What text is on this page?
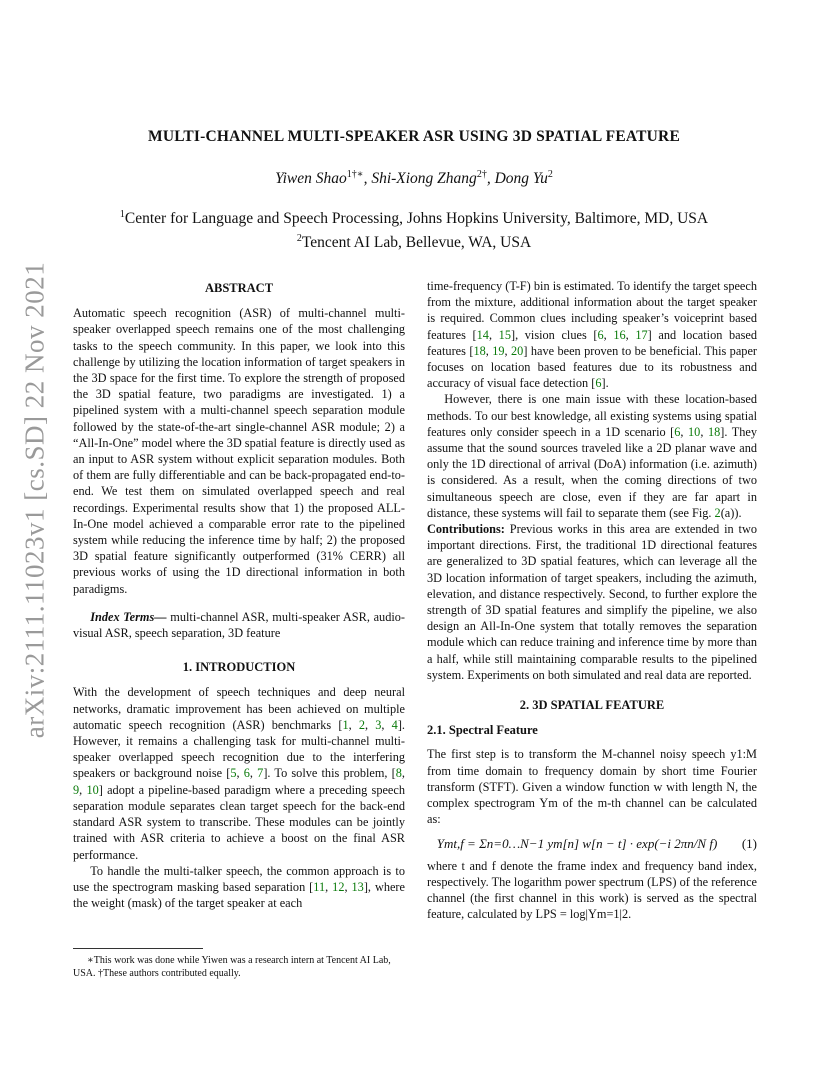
arXiv:2111.11023v1 [cs.SD] 22 Nov 2021
MULTI-CHANNEL MULTI-SPEAKER ASR USING 3D SPATIAL FEATURE
Yiwen Shao$^{1\dagger∗}$, Shi-Xiong Zhang$^{2\dagger}$, Dong Yu$^2$
$^1$Center for Language and Speech Processing, Johns Hopkins University, Baltimore, MD, USA
$^2$Tencent AI Lab, Bellevue, WA, USA
ABSTRACT

Automatic speech recognition (ASR) of multi-channel multi-speaker overlapped speech remains one of the most challenging tasks to the speech community. In this paper, we look into this challenge by utilizing the location information of target speakers in the 3D space for the first time. To explore the strength of proposed the 3D spatial feature, two paradigms are investigated. 1) a pipelined system with a multi-channel speech separation module followed by the state-of-the-art single-channel ASR module; 2) a “All-In-One” model where the 3D spatial feature is directly used as an input to ASR system without explicit separation modules. Both of them are fully differentiable and can be back-propagated end-to-end. We test them on simulated overlapped speech and real recordings. Experimental results show that 1) the proposed ALL-In-One model achieved a comparable error rate to the pipelined system while reducing the inference time by half; 2) the proposed 3D spatial feature significantly outperformed (31% CERR) all previous works of using the 1D directional information in both paradigms.

Index Terms— multi-channel ASR, multi-speaker ASR, audio-visual ASR, speech separation, 3D feature

1. INTRODUCTION

With the development of speech techniques and deep neural networks, dramatic improvement has been achieved on multiple automatic speech recognition (ASR) benchmarks [1, 2, 3, 4]. However, it remains a challenging task for multi-channel multi-speaker overlapped speech recognition due to the interfering speakers or background noise [5, 6, 7]. To solve this problem, [8, 9, 10] adopt a pipeline-based paradigm where a preceding speech separation module separates clean target speech for the back-end standard ASR system to transcribe. These modules can be jointly trained with ASR criteria to achieve a boost on the final ASR performance.

To handle the multi-talker speech, the common approach is to use the spectrogram masking based separation [11, 12, 13], where the weight (mask) of the target speaker at each

∗This work was done while Yiwen was a research intern at Tencent AI Lab, USA. †These authors contributed equally.

time-frequency (T-F) bin is estimated. To identify the target speech from the mixture, additional information about the target speaker is required. Common clues including speaker’s voiceprint based features [14, 15], vision clues [6, 16, 17] and location based features [18, 19, 20] have been proven to be beneficial. This paper focuses on location based features due to its robustness and accuracy of visual face detection [6].

However, there is one main issue with these location-based methods. To our best knowledge, all existing systems using spatial features only consider speech in a 1D scenario [6, 10, 18]. They assume that the sound sources traveled like a 2D planar wave and only the 1D directional of arrival (DoA) information (i.e. azimuth) is considered. As a result, when the coming directions of two simultaneous speech are close, even if they are far apart in distance, these systems will fail to separate them (see Fig. 2(a)).

Contributions: Previous works in this area are extended in two important directions. First, the traditional 1D directional features are generalized to 3D spatial features, which can leverage all the 3D location information of target speakers, including the azimuth, elevation, and distance respectively. Second, to further explore the strength of 3D spatial features and simplify the pipeline, we also design an All-In-One system that totally removes the separation module which can reduce training and inference time by more than a half, while still maintaining comparable results to the pipelined system. Experiments on both simulated and real data are reported.

2. 3D SPATIAL FEATURE
2.1. Spectral Feature

The first step is to transform the M-channel noisy speech y1:M from time domain to frequency domain by short time Fourier transform (STFT). Given a window function w with length N, the complex spectrogram Ym of the m-th channel can be calculated as:

Ymt,f = Σn=0…N−1 ym[n] w[n − t] · exp(−i 2πn/N f)	(1)

where t and f denote the frame index and frequency band index, respectively. The logarithm power spectrum (LPS) of the reference channel (the first channel in this work) is served as the spectral feature, calculated by LPS = log|Ym=1|2.
